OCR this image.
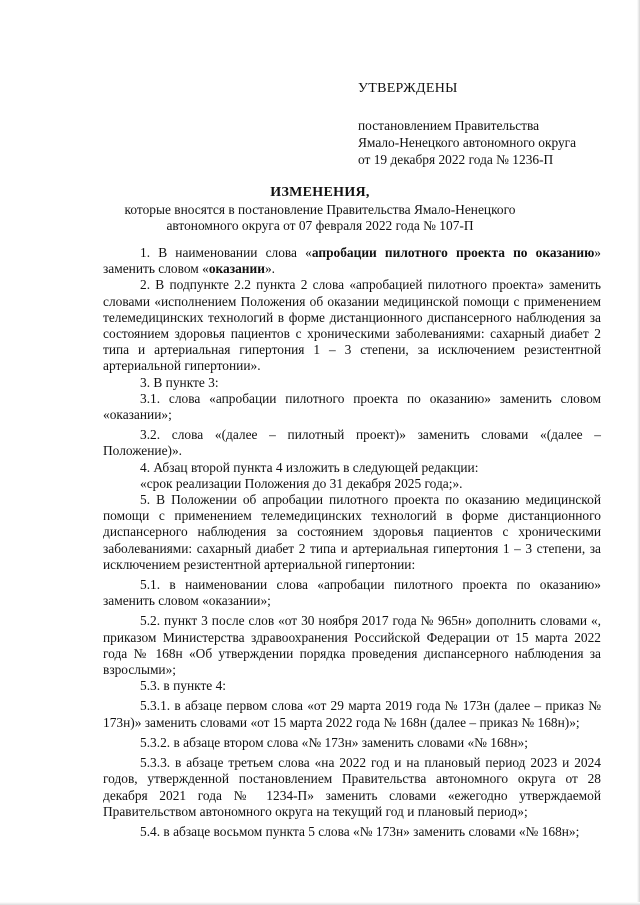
УТВЕРЖДЕНЫ
постановлением Правительства
Ямало-Ненецкого автономного округа
от 19 декабря 2022 года № 1236-П
ИЗМЕНЕНИЯ,
которые вносятся в постановление Правительства Ямало-Ненецкого
автономного округа от 07 февраля 2022 года № 107-П

1. В наименовании слова «апробации пилотного проекта по оказанию» заменить словом «оказании».

2. В подпункте 2.2 пункта 2 слова «апробацией пилотного проекта» заменить словами «исполнением Положения об оказании медицинской помощи с применением телемедицинских технологий в форме дистанционного диспансерного наблюдения за состоянием здоровья пациентов с хроническими заболеваниями: сахарный диабет 2 типа и артериальная гипертония 1 – 3 степени, за исключением резистентной артериальной гипертонии».

3. В пункте 3:

3.1. слова «апробации пилотного проекта по оказанию» заменить словом «оказании»;

3.2. слова «(далее – пилотный проект)» заменить словами «(далее – Положение)».

4. Абзац второй пункта 4 изложить в следующей редакции:

«срок реализации Положения до 31 декабря 2025 года;».

5. В Положении об апробации пилотного проекта по оказанию медицинской помощи с применением телемедицинских технологий в форме дистанционного диспансерного наблюдения за состоянием здоровья пациентов с хроническими заболеваниями: сахарный диабет 2 типа и артериальная гипертония 1 – 3 степени, за исключением резистентной артериальной гипертонии:

5.1. в наименовании слова «апробации пилотного проекта по оказанию» заменить словом «оказании»;

5.2. пункт 3 после слов «от 30 ноября 2017 года № 965н» дополнить словами «, приказом Министерства здравоохранения Российской Федерации от 15 марта 2022 года № 168н «Об утверждении порядка проведения диспансерного наблюдения за взрослыми»;

5.3. в пункте 4:

5.3.1. в абзаце первом слова «от 29 марта 2019 года № 173н (далее – приказ № 173н)» заменить словами «от 15 марта 2022 года № 168н (далее – приказ № 168н)»;

5.3.2. в абзаце втором слова «№ 173н» заменить словами «№ 168н»;

5.3.3. в абзаце третьем слова «на 2022 год и на плановый период 2023 и 2024 годов, утвержденной постановлением Правительства автономного округа от 28 декабря 2021 года № 1234-П» заменить словами «ежегодно утверждаемой Правительством автономного округа на текущий год и плановый период»;

5.4. в абзаце восьмом пункта 5 слова «№ 173н» заменить словами «№ 168н»;
